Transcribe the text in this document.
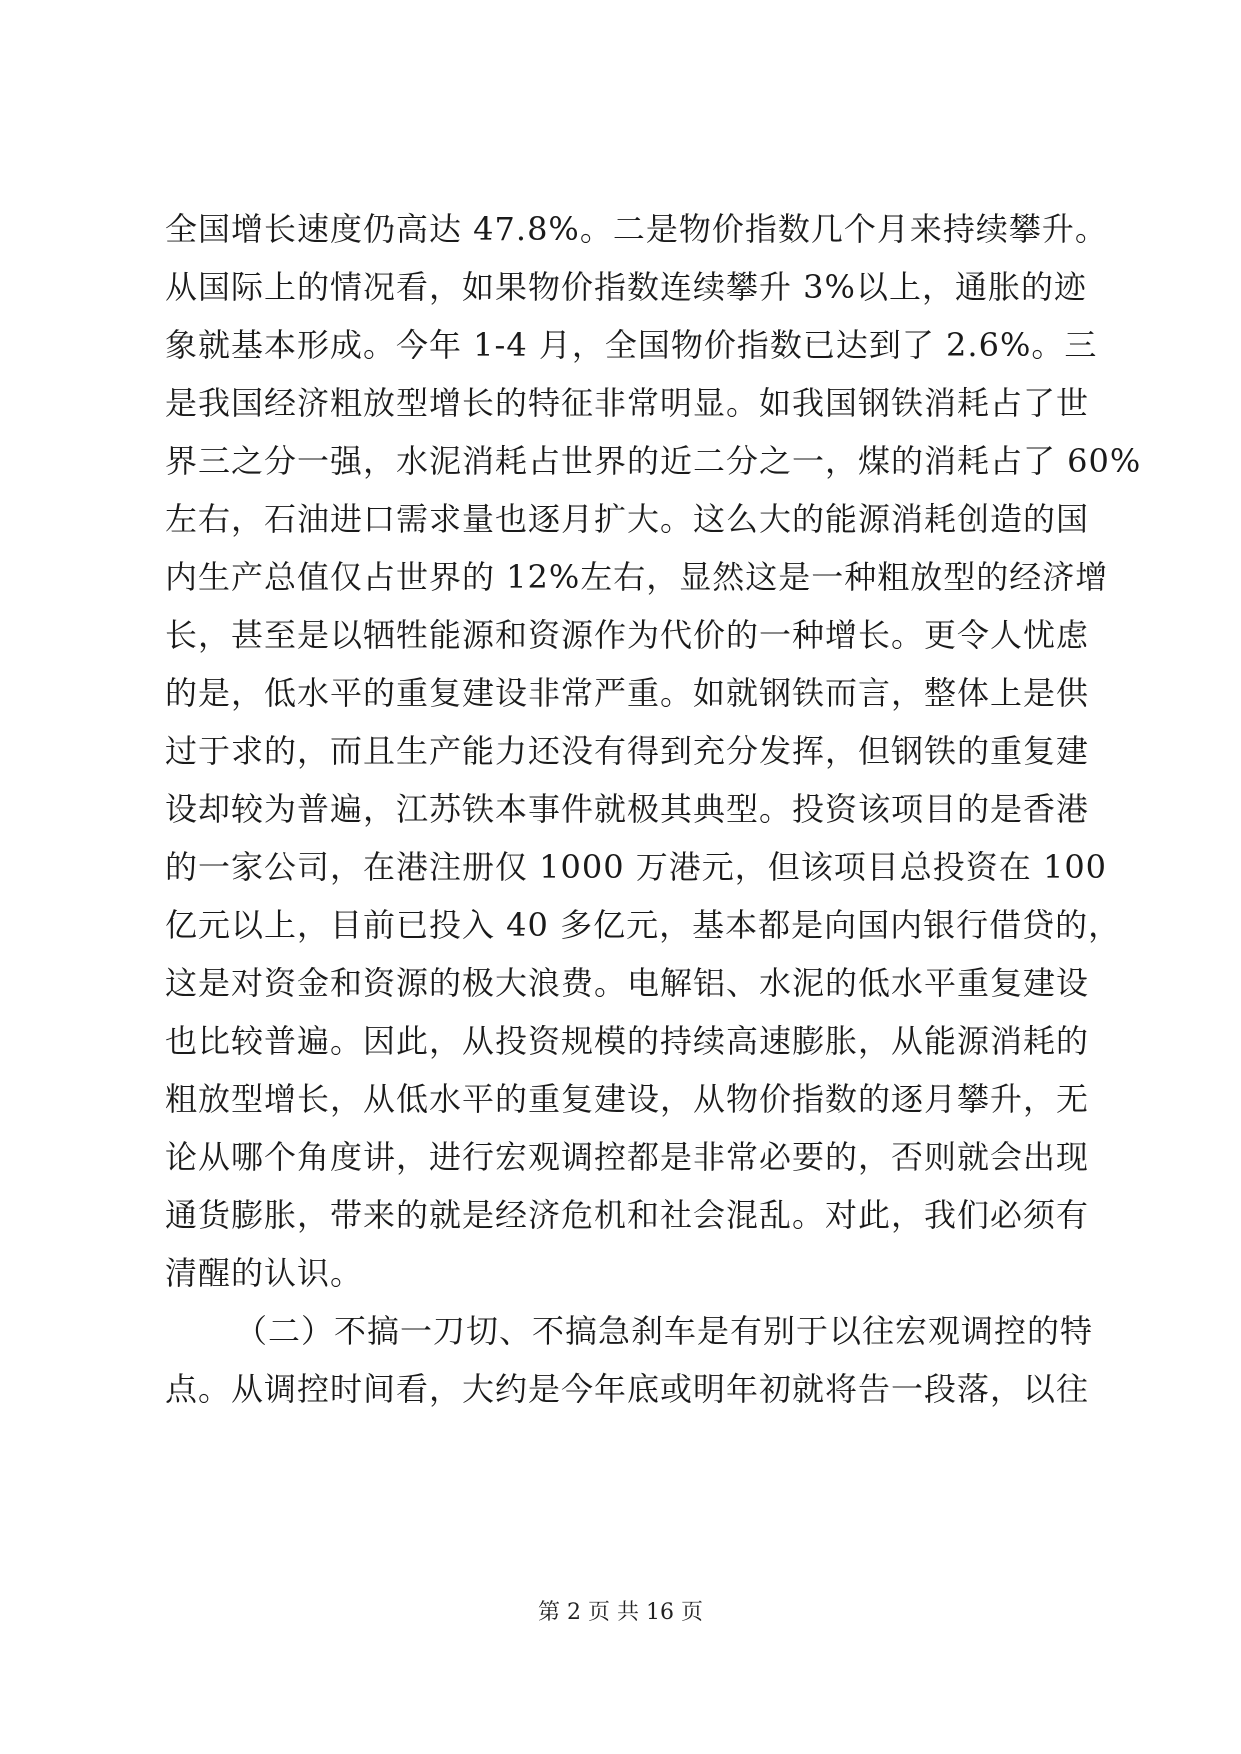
全国增长速度仍高达 47.8%。二是物价指数几个月来持续攀升。
从国际上的情况看，如果物价指数连续攀升 3%以上，通胀的迹
象就基本形成。今年 1-4 月，全国物价指数已达到了 2.6%。三
是我国经济粗放型增长的特征非常明显。如我国钢铁消耗占了世
界三之分一强，水泥消耗占世界的近二分之一，煤的消耗占了 60%
左右，石油进口需求量也逐月扩大。这么大的能源消耗创造的国
内生产总值仅占世界的 12%左右，显然这是一种粗放型的经济增
长，甚至是以牺牲能源和资源作为代价的一种增长。更令人忧虑
的是，低水平的重复建设非常严重。如就钢铁而言，整体上是供
过于求的，而且生产能力还没有得到充分发挥，但钢铁的重复建
设却较为普遍，江苏铁本事件就极其典型。投资该项目的是香港
的一家公司，在港注册仅 1000 万港元，但该项目总投资在 100
亿元以上，目前已投入 40 多亿元，基本都是向国内银行借贷的，
这是对资金和资源的极大浪费。电解铝、水泥的低水平重复建设
也比较普遍。因此，从投资规模的持续高速膨胀，从能源消耗的
粗放型增长，从低水平的重复建设，从物价指数的逐月攀升，无
论从哪个角度讲，进行宏观调控都是非常必要的，否则就会出现
通货膨胀，带来的就是经济危机和社会混乱。对此，我们必须有
清醒的认识。
（二）不搞一刀切、不搞急刹车是有别于以往宏观调控的特
点。从调控时间看，大约是今年底或明年初就将告一段落，以往
第 2 页 共 16 页
